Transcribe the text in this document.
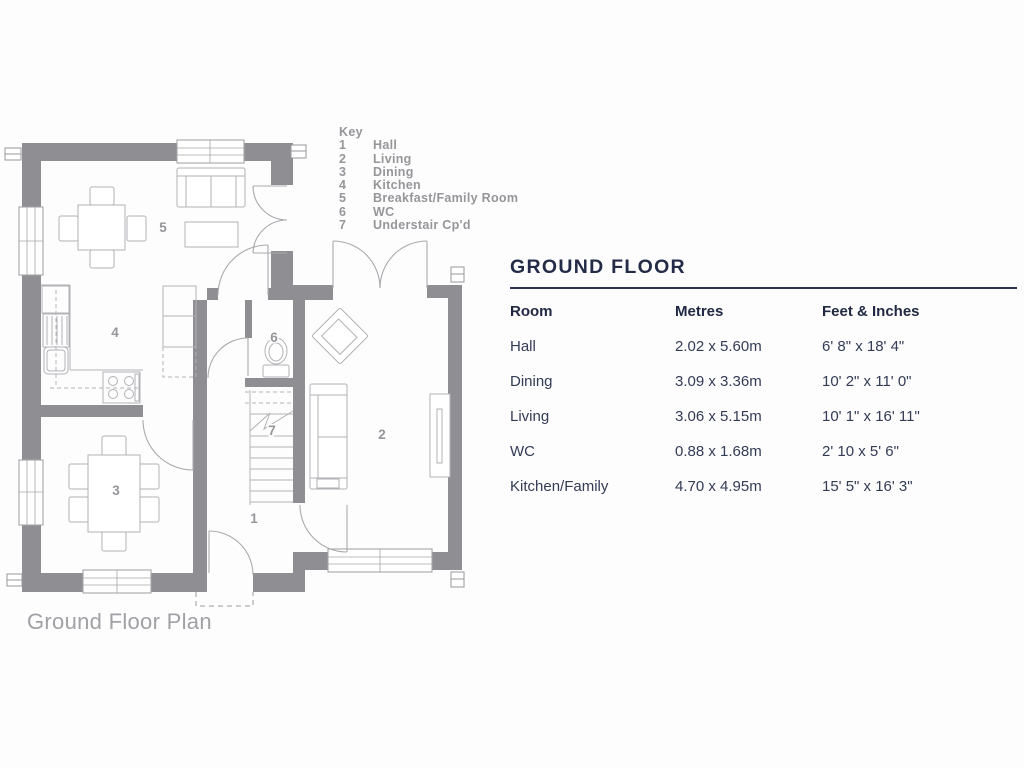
1
2
3
4
5
6
7
Key
1	Hall
2	Living
3	Dining
4	Kitchen
5	Breakfast/Family Room
6	WC
7	Understair Cp'd
GROUND FLOOR
Room	Metres	Feet & Inches
Hall	2.02 x 5.60m	6' 8" x 18' 4"
Dining	3.09 x 3.36m	10' 2" x 11' 0"
Living	3.06 x 5.15m	10' 1" x 16' 11"
WC	0.88 x 1.68m	2' 10 x 5' 6"
Kitchen/Family	4.70 x 4.95m	15' 5" x 16' 3"
Ground Floor Plan
